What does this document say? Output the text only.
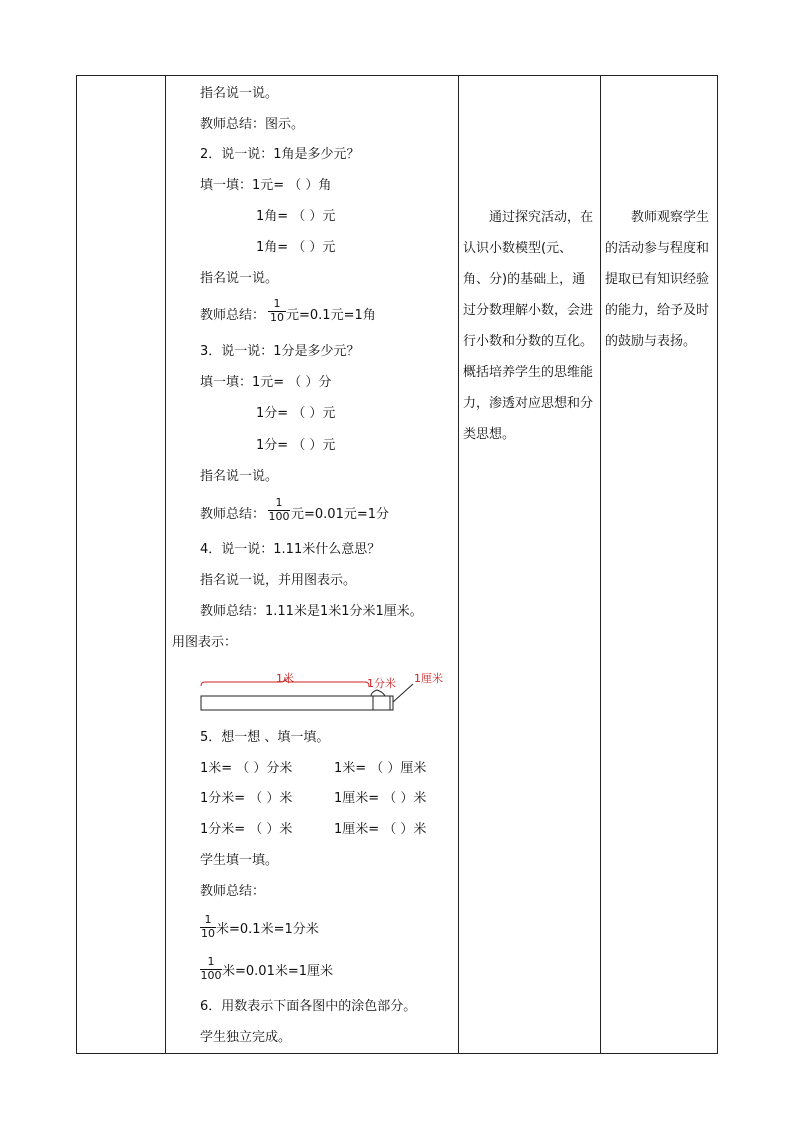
指名说一说。
教师总结：图示。
2．说一说：1角是多少元？
填一填：1元= （ ）角
1角= （ ）元
1角= （ ）元
指名说一说。
教师总结：
1
10 元=0.1元=1角
3．说一说：1分是多少元？
填一填：1元= （ ）分
1分= （ ）元
1分= （ ）元
指名说一说。
教师总结：
1
100 元=0.01元=1分
4．说一说：1.11米什么意思？
指名说一说，并用图表示。
教师总结：1.11米是1米1分米1厘米。
用图表示：
1米	1分米 1厘米
5．想一想 、填一填。
1米= （ ）分米	1米= （ ）厘米
1分米= （ ）米	1厘米= （ ）米
1分米= （ ）米	1厘米= （ ）米
学生填一填。
教师总结：
1
10 米=0.1米=1分米
1
100 米=0.01米=1厘米
6．用数表示下面各图中的涂色部分。
学生独立完成。
通过探究活动，在认识小数模型(元、角、分)的基础上，通过分数理解小数，会进行小数和分数的互化。概括培养学生的思维能力，渗透对应思想和分类思想。
教师观察学生的活动参与程度和提取已有知识经验的能力，给予及时的鼓励与表扬。
